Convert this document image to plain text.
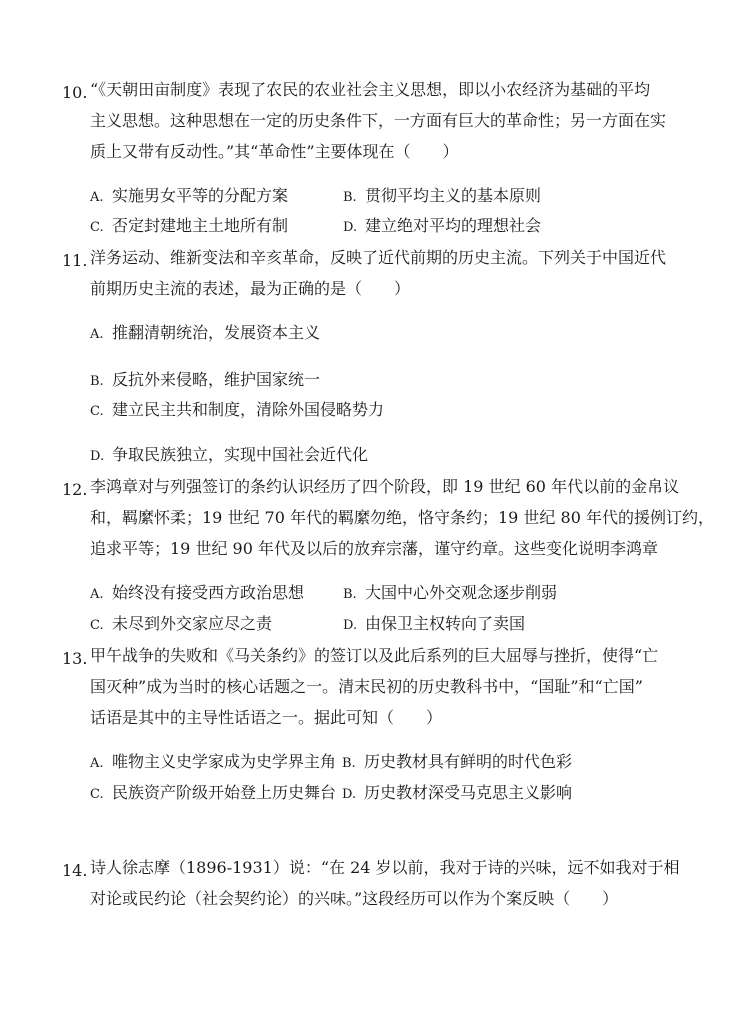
10. “《天朝田亩制度》表现了农民的农业社会主义思想，即以小农经济为基础的平均
主义思想。这种思想在一定的历史条件下，一方面有巨大的革命性；另一方面在实
质上又带有反动性。”其“革命性”主要体现在（　　）
A. 实施男女平等的分配方案	B. 贯彻平均主义的基本原则
C. 否定封建地主土地所有制	D. 建立绝对平均的理想社会
11. 洋务运动、维新变法和辛亥革命，反映了近代前期的历史主流。下列关于中国近代
前期历史主流的表述，最为正确的是（　　）
A. 推翻清朝统治，发展资本主义
B. 反抗外来侵略，维护国家统一
C. 建立民主共和制度，清除外国侵略势力
D. 争取民族独立，实现中国社会近代化
12. 李鸿章对与列强签订的条约认识经历了四个阶段，即 19 世纪 60 年代以前的金帛议
和，羁縻怀柔；19 世纪 70 年代的羁縻勿绝，恪守条约；19 世纪 80 年代的援例订约，
追求平等；19 世纪 90 年代及以后的放弃宗藩，谨守约章。这些变化说明李鸿章
A. 始终没有接受西方政治思想	B. 大国中心外交观念逐步削弱
C. 未尽到外交家应尽之责	D. 由保卫主权转向了卖国
13. 甲午战争的失败和《马关条约》的签订以及此后系列的巨大屈辱与挫折，使得“亡
国灭种”成为当时的核心话题之一。清末民初的历史教科书中，“国耻”和“亡国”
话语是其中的主导性话语之一。据此可知（　　）
A. 唯物主义史学家成为史学界主角 B. 历史教材具有鲜明的时代色彩
C. 民族资产阶级开始登上历史舞台 D. 历史教材深受马克思主义影响
14. 诗人徐志摩（1896-1931）说：“在 24 岁以前，我对于诗的兴味，远不如我对于相
对论或民约论（社会契约论）的兴味。”这段经历可以作为个案反映（　　）
